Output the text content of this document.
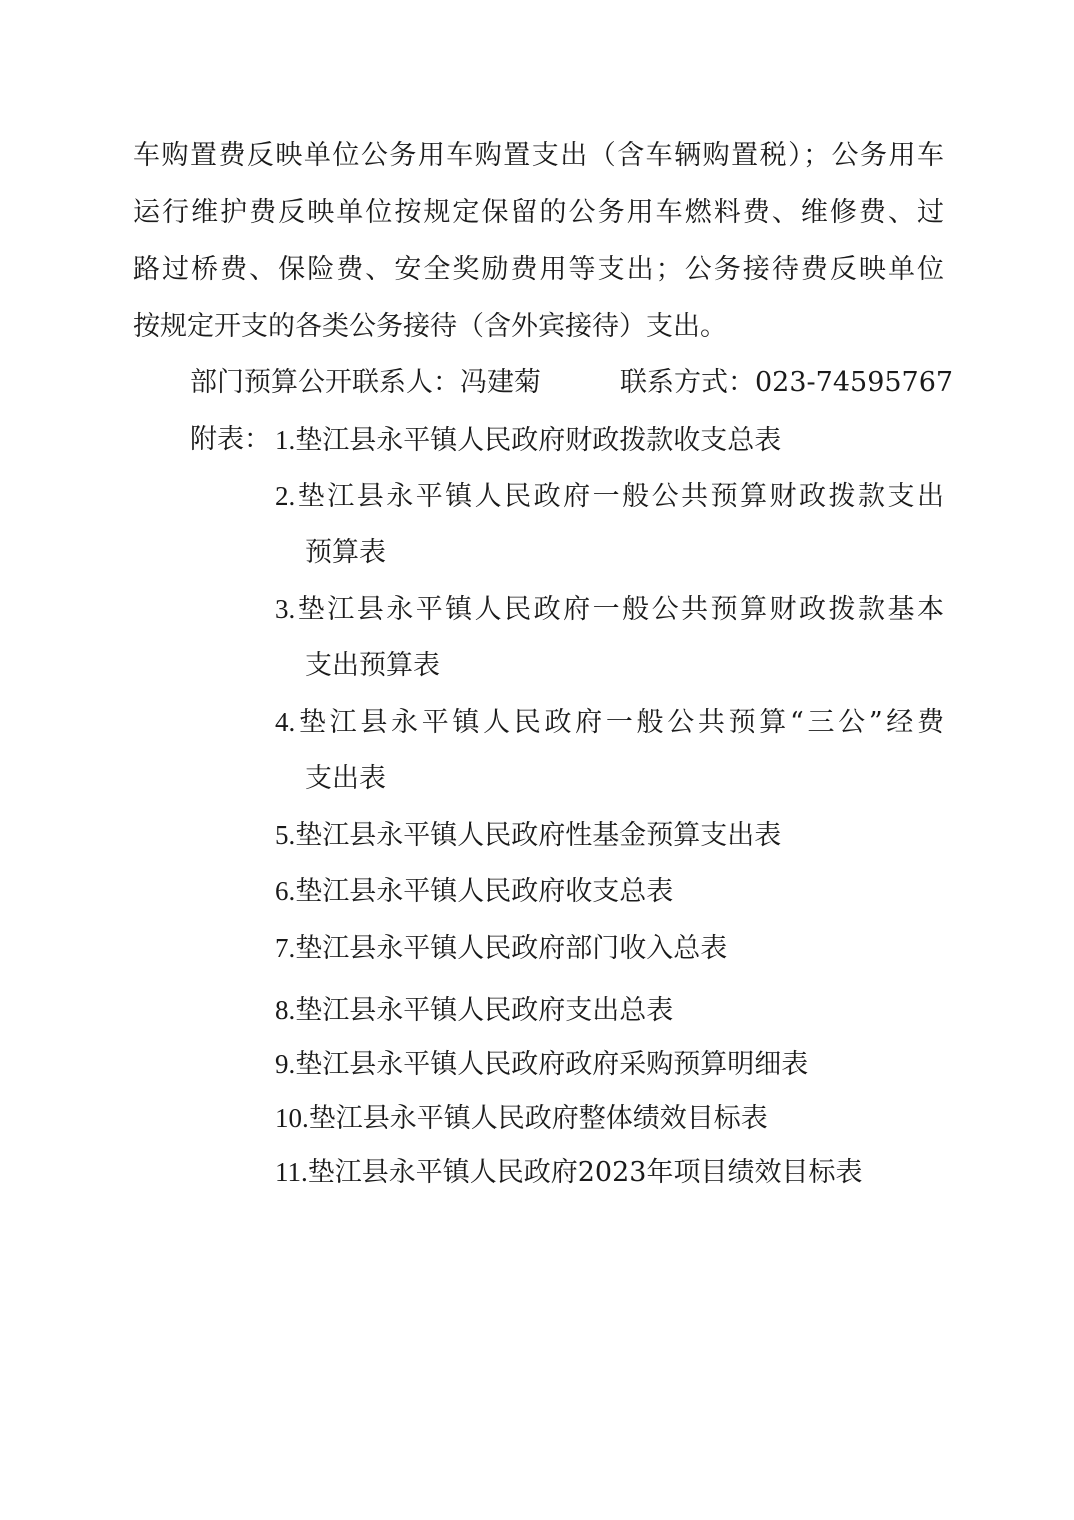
车购置费反映单位公务用车购置支出（含车辆购置税）；公务用车
运行维护费反映单位按规定保留的公务用车燃料费、维修费、过
路过桥费、保险费、安全奖励费用等支出；公务接待费反映单位
按规定开支的各类公务接待（含外宾接待）支出。
部门预算公开联系人：冯建菊	联系方式：023-74595767
附表： 1.垫江县永平镇人民政府财政拨款收支总表
2.垫江县永平镇人民政府一般公共预算财政拨款支出
预算表
3.垫江县永平镇人民政府一般公共预算财政拨款基本
支出预算表
4.垫江县永平镇人民政府一般公共预算“三公”经费
支出表
5.垫江县永平镇人民政府性基金预算支出表
6.垫江县永平镇人民政府收支总表
7.垫江县永平镇人民政府部门收入总表
8.垫江县永平镇人民政府支出总表
9.垫江县永平镇人民政府政府采购预算明细表
10.垫江县永平镇人民政府整体绩效目标表
11.垫江县永平镇人民政府2023年项目绩效目标表
